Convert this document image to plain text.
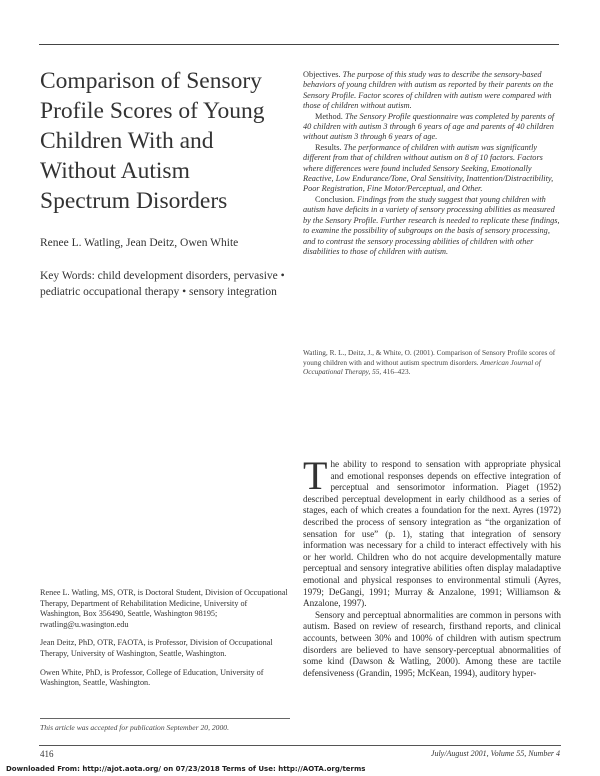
Comparison of Sensory Profile Scores of Young Children With and Without Autism Spectrum Disorders
Renee L. Watling, Jean Deitz, Owen White
Key Words: child development disorders, pervasive • pediatric occupational therapy • sensory integration

Objectives. The purpose of this study was to describe the sensory-based behaviors of young children with autism as reported by their parents on the Sensory Profile. Factor scores of children with autism were compared with those of children without autism.

Method. The Sensory Profile questionnaire was completed by parents of 40 children with autism 3 through 6 years of age and parents of 40 children without autism 3 through 6 years of age.

Results. The performance of children with autism was significantly different from that of children without autism on 8 of 10 factors. Factors where differences were found included Sensory Seeking, Emotionally Reactive, Low Endurance/Tone, Oral Sensitivity, Inattention/Distractibility, Poor Registration, Fine Motor/Perceptual, and Other.

Conclusion. Findings from the study suggest that young children with autism have deficits in a variety of sensory processing abilities as measured by the Sensory Profile. Further research is needed to replicate these findings, to examine the possibility of subgroups on the basis of sensory processing, and to contrast the sensory processing abilities of children with other disabilities to those of children with autism.

Watling, R. L., Deitz, J., & White, O. (2001). Comparison of Sensory Profile scores of young children with and without autism spectrum disorders. American Journal of Occupational Therapy, 55, 416–423.

The ability to respond to sensation with appropriate physical and emotional responses depends on effective integration of perceptual and sensorimotor information. Piaget (1952) described perceptual development in early childhood as a series of stages, each of which creates a foundation for the next. Ayres (1972) described the process of sensory integration as “the organization of sensation for use” (p. 1), stating that integration of sensory information was necessary for a child to interact effectively with his or her world. Children who do not acquire developmentally mature perceptual and sensory integrative abilities often display maladaptive emotional and physical responses to environmental stimuli (Ayres, 1979; DeGangi, 1991; Murray & Anzalone, 1991; Williamson & Anzalone, 1997).

Sensory and perceptual abnormalities are common in persons with autism. Based on review of research, firsthand reports, and clinical accounts, between 30% and 100% of children with autism spectrum disorders are believed to have sensory-perceptual abnormalities of some kind (Dawson & Watling, 2000). Among these are tactile defensiveness (Grandin, 1995; McKean, 1994), auditory hyper-

Renee L. Watling, MS, OTR, is Doctoral Student, Division of Occupational Therapy, Department of Rehabilitation Medicine, University of Washington, Box 356490, Seattle, Washington 98195; rwatling@u.wasington.edu

Jean Deitz, PhD, OTR, FAOTA, is Professor, Division of Occupational Therapy, University of Washington, Seattle, Washington.

Owen White, PhD, is Professor, College of Education, University of Washington, Seattle, Washington.

This article was accepted for publication September 20, 2000.
416	July/August 2001, Volume 55, Number 4
Downloaded From: http://ajot.aota.org/ on 07/23/2018 Terms of Use: http://AOTA.org/terms
